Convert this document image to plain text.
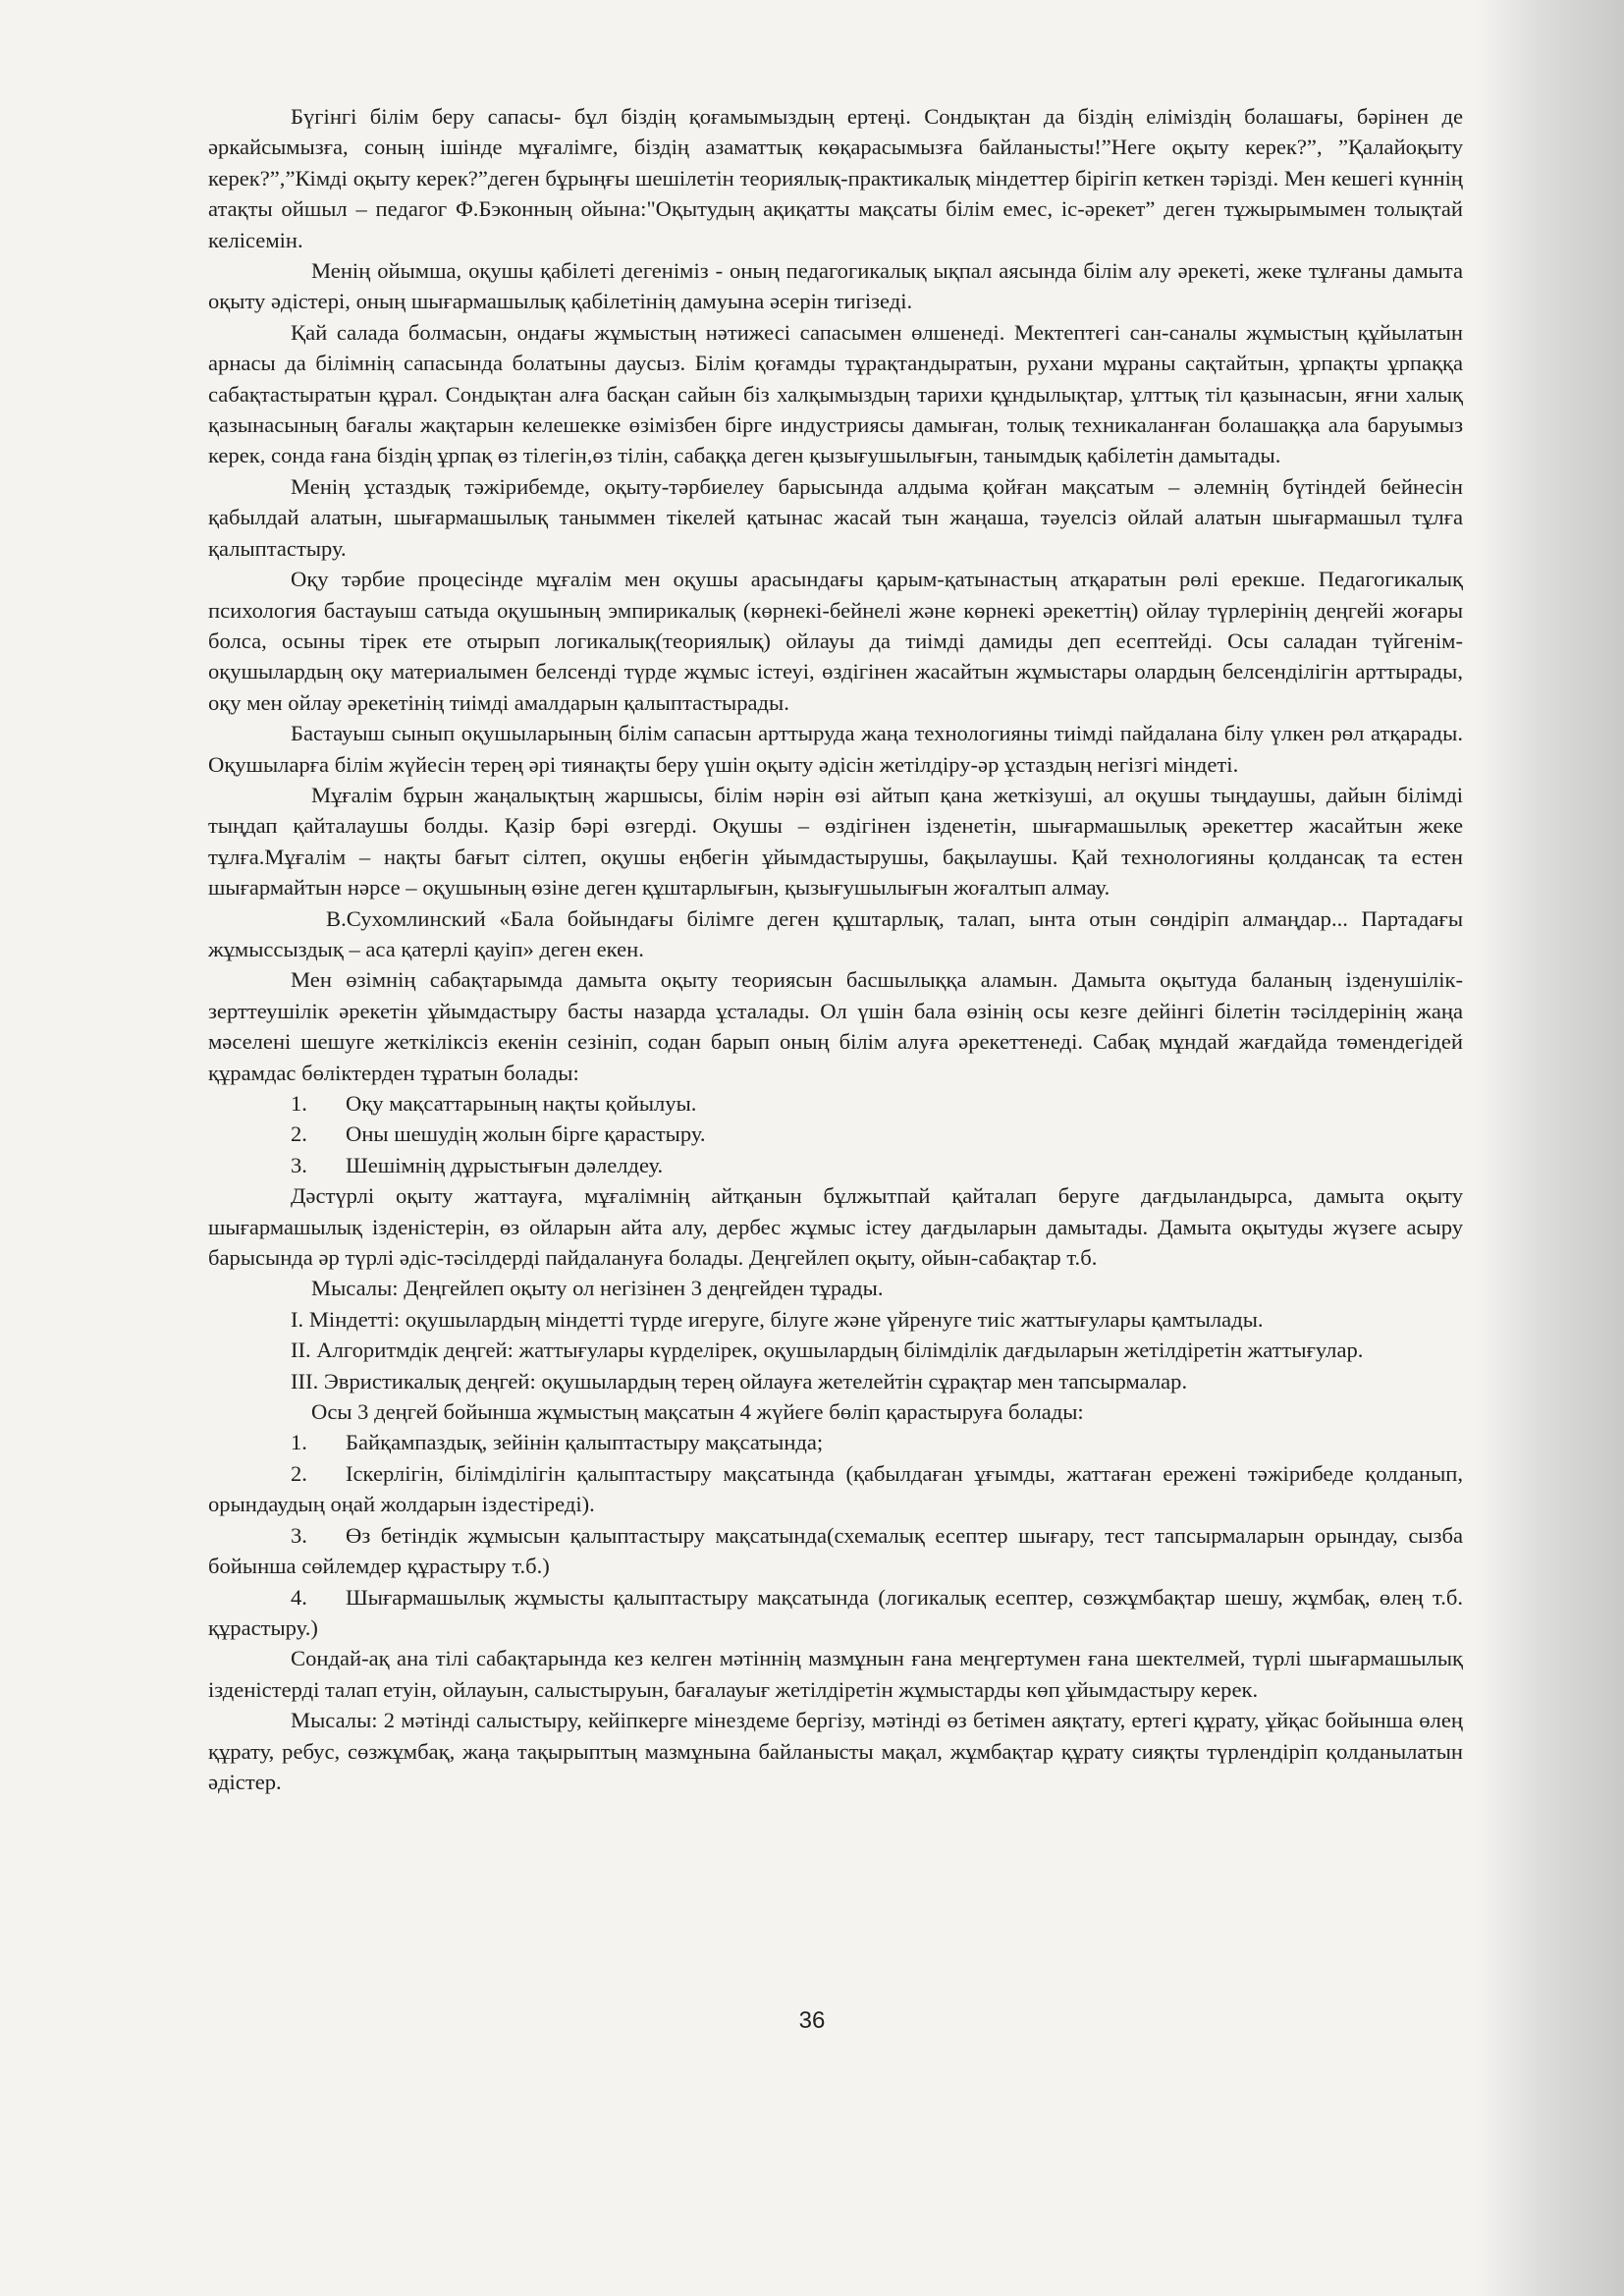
Бүгінгі білім беру сапасы- бұл біздің қоғамымыздың ертеңі. Сондықтан да біздің еліміздің болашағы, бәрінен де әркайсымызға, соның ішінде мұғалімге, біздің азаматтық көқарасымызға байланысты!”Неге оқыту керек?”, ”Қалайоқыту керек?”,”Кімді оқыту керек?”деген бұрыңғы шешілетін теориялық-практикалық міндеттер бірігіп кеткен тәрізді. Мен кешегі күннің атақты ойшыл – педагог Ф.Бэконның ойына:"Оқытудың ақиқатты мақсаты білім емес, іс-әрекет” деген тұжырымымен толықтай келісемін.

Менің ойымша, оқушы қабілеті дегеніміз - оның педагогикалық ықпал аясында білім алу әрекеті, жеке тұлғаны дамыта оқыту әдістері, оның шығармашылық қабілетінің дамуына әсерін тигізеді.

Қай салада болмасын, ондағы жұмыстың нәтижесі сапасымен өлшенеді. Мектептегі сан-саналы жұмыстың құйылатын арнасы да білімнің сапасында болатыны даусыз. Білім қоғамды тұрақтандыратын, рухани мұраны сақтайтын, ұрпақты ұрпаққа сабақтастыратын құрал. Сондықтан алға басқан сайын біз халқымыздың тарихи құндылықтар, ұлттық тіл қазынасын, яғни халық қазынасының бағалы жақтарын келешекке өзімізбен бірге индустриясы дамыған, толық техникаланған болашаққа ала баруымыз керек, сонда ғана біздің ұрпақ өз тілегін,өз тілін, сабаққа деген қызығушылығын, танымдық қабілетін дамытады.

Менің ұстаздық тәжірибемде, оқыту-тәрбиелеу барысында алдыма қойған мақсатым – әлемнің бүтіндей бейнесін қабылдай алатын, шығармашылық таныммен тікелей қатынас жасай тын жаңаша, тәуелсіз ойлай алатын шығармашыл тұлға қалыптастыру.

Оқу тәрбие процесінде мұғалім мен оқушы арасындағы қарым-қатынастың атқаратын рөлі ерекше. Педагогикалық психология бастауыш сатыда оқушының эмпирикалық (көрнекі-бейнелі және көрнекі әрекеттің) ойлау түрлерінің деңгейі жоғары болса, осыны тірек ете отырып логикалық(теориялық) ойлауы да тиімді дамиды деп есептейді. Осы саладан түйгенім-оқушылардың оқу материалымен белсенді түрде жұмыс істеуі, өздігінен жасайтын жұмыстары олардың белсенділігін арттырады, оқу мен ойлау әрекетінің тиімді амалдарын қалыптастырады.

Бастауыш сынып оқушыларының білім сапасын арттыруда жаңа технологияны тиімді пайдалана білу үлкен рөл атқарады. Оқушыларға білім жүйесін терең әрі тиянақты беру үшін оқыту әдісін жетілдіру-әр ұстаздың негізгі міндеті.

Мұғалім бұрын жаңалықтың жаршысы, білім нәрін өзі айтып қана жеткізуші, ал оқушы тыңдаушы, дайын білімді тыңдап қайталаушы болды. Қазір бәрі өзгерді. Оқушы – өздігінен ізденетін, шығармашылық әрекеттер жасайтын жеке тұлға.Мұғалім – нақты бағыт сілтеп, оқушы еңбегін ұйымдастырушы, бақылаушы. Қай технологияны қолдансақ та естен шығармайтын нәрсе – оқушының өзіне деген құштарлығын, қызығушылығын жоғалтып алмау.

В.Сухомлинский «Бала бойындағы білімге деген құштарлық, талап, ынта отын сөндіріп алмаңдар... Партадағы жұмыссыздық – аса қатерлі қауіп» деген екен.

Мен өзімнің сабақтарымда дамыта оқыту теориясын басшылыққа аламын. Дамыта оқытуда баланың ізденушілік-зерттеушілік әрекетін ұйымдастыру басты назарда ұсталады. Ол үшін бала өзінің осы кезге дейінгі білетін тәсілдерінің жаңа мәселені шешуге жеткіліксіз екенін сезініп, содан барып оның білім алуға әрекеттенеді. Сабақ мұндай жағдайда төмендегідей құрамдас бөліктерден тұратын болады:

1. Оқу мақсаттарының нақты қойылуы.
2. Оны шешудің жолын бірге қарастыру.
3. Шешімнің дұрыстығын дәлелдеу.

Дәстүрлі оқыту жаттауға, мұғалімнің айтқанын бұлжытпай қайталап беруге дағдыландырса, дамыта оқыту шығармашылық ізденістерін, өз ойларын айта алу, дербес жұмыс істеу дағдыларын дамытады. Дамыта оқытуды жүзеге асыру барысында әр түрлі әдіс-тәсілдерді пайдалануға болады. Деңгейлеп оқыту, ойын-сабақтар т.б.

Мысалы: Деңгейлеп оқыту ол негізінен 3 деңгейден тұрады.

I. Міндетті: оқушылардың міндетті түрде игеруге, білуге және үйренуге тиіс жаттығулары қамтылады.

II. Алгоритмдік деңгей: жаттығулары күрделірек, оқушылардың білімділік дағдыларын жетілдіретін жаттығулар.

III. Эвристикалық деңгей: оқушылардың терең ойлауға жетелейтін сұрақтар мен тапсырмалар.

Осы 3 деңгей бойынша жұмыстың мақсатын 4 жүйеге бөліп қарастыруға болады:

1. Байқампаздық, зейінін қалыптастыру мақсатында;
2. Іскерлігін, білімділігін қалыптастыру мақсатында (қабылдаған ұғымды, жаттаған ережені тәжірибеде қолданып, орындаудың оңай жолдарын іздестіреді).
3. Өз бетіндік жұмысын қалыптастыру мақсатында(схемалық есептер шығару, тест тапсырмаларын орындау, сызба бойынша сөйлемдер құрастыру т.б.)
4. Шығармашылық жұмысты қалыптастыру мақсатында (логикалық есептер, сөзжұмбақтар шешу, жұмбақ, өлең т.б. құрастыру.)

Сондай-ақ ана тілі сабақтарында кез келген мәтіннің мазмұнын ғана меңгертумен ғана шектелмей, түрлі шығармашылық ізденістерді талап етуін, ойлауын, салыстыруын, бағалауығ жетілдіретін жұмыстарды көп ұйымдастыру керек.

Мысалы: 2 мәтінді салыстыру, кейіпкерге мінездеме бергізу, мәтінді өз бетімен аяқтату, ертегі құрату, ұйқас бойынша өлең құрату, ребус, сөзжұмбақ, жаңа тақырыптың мазмұнына байланысты мақал, жұмбақтар құрату сияқты түрлендіріп қолданылатын әдістер.

36
